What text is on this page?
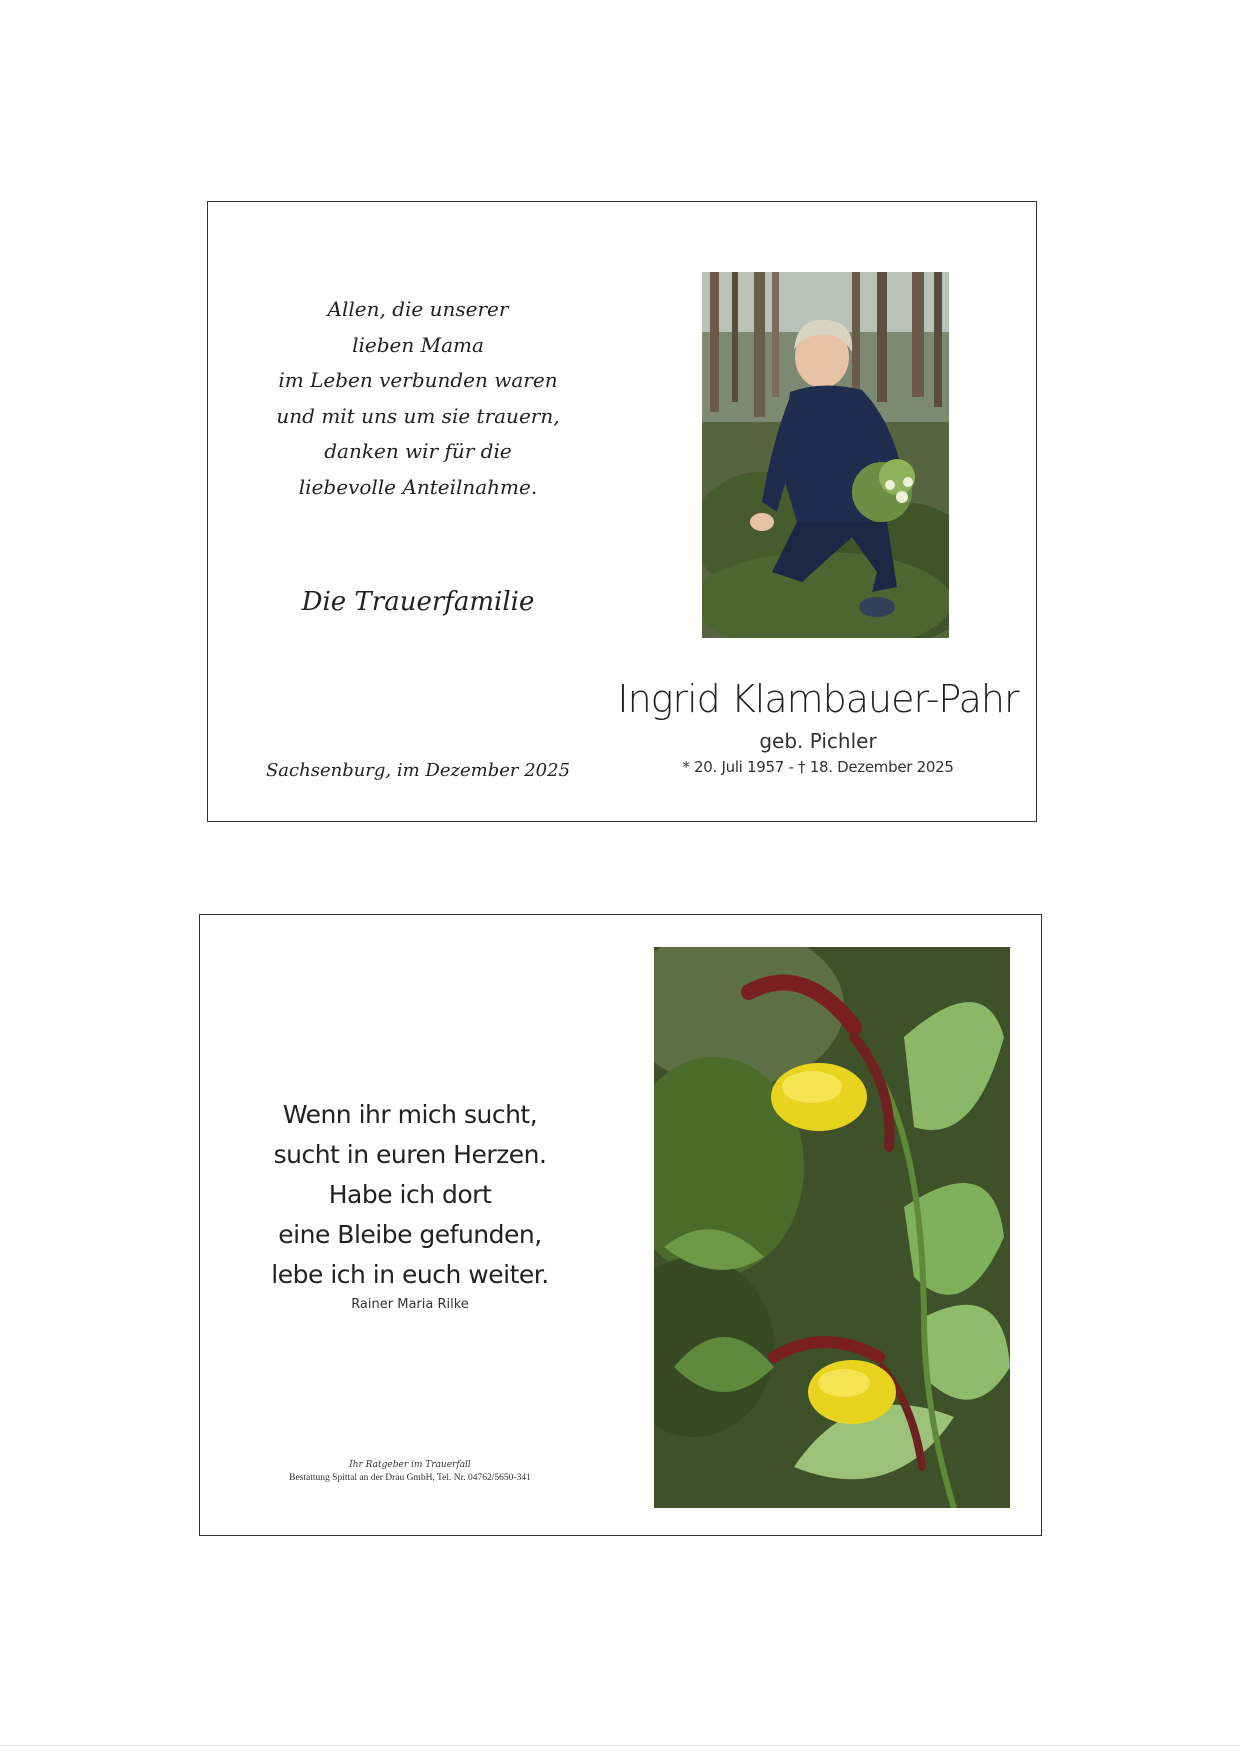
Allen, die unserer
lieben Mama
im Leben verbunden waren
und mit uns um sie trauern,
danken wir für die
liebevolle Anteilnahme.
Die Trauerfamilie
Sachsenburg, im Dezember 2025
Ingrid Klambauer-Pahr
geb. Pichler
* 20. Juli 1957 - † 18. Dezember 2025
Wenn ihr mich sucht,
sucht in euren Herzen.
Habe ich dort
eine Bleibe gefunden,
lebe ich in euch weiter.
Rainer Maria Rilke
Ihr Ratgeber im Trauerfall
Bestattung Spittal an der Drau GmbH, Tel. Nr. 04762/5650-341
